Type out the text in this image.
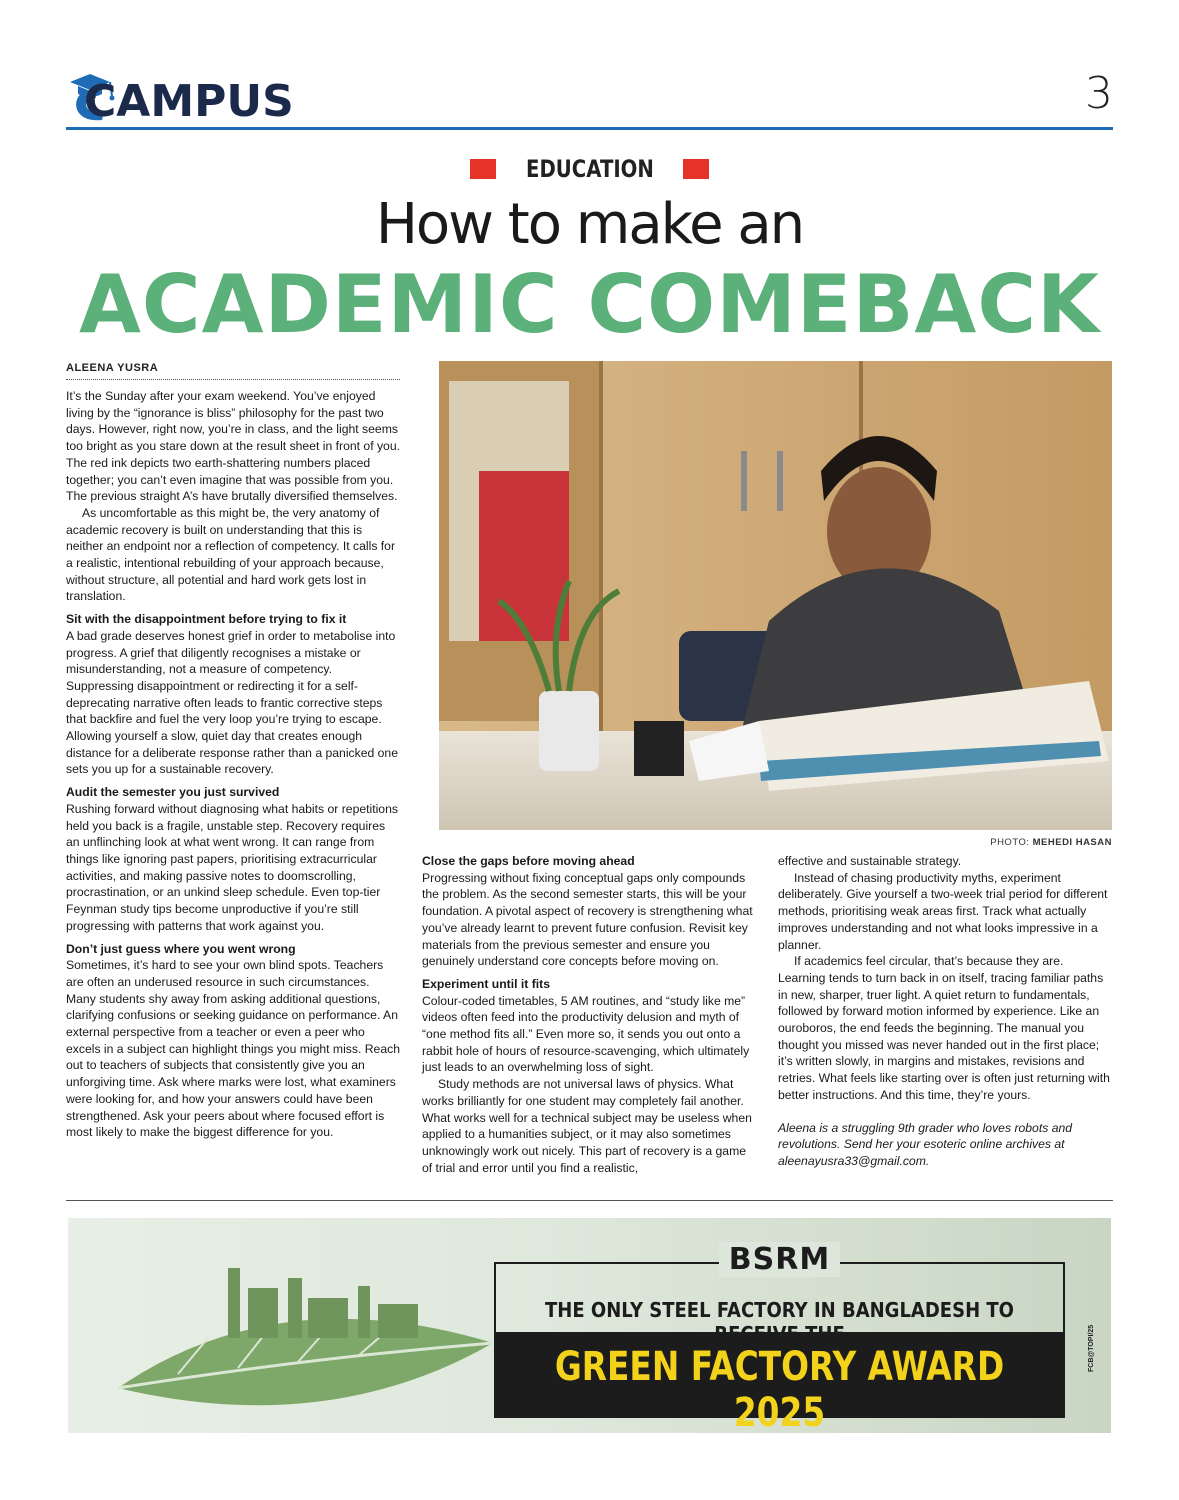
CAMPUS	3
EDUCATION
How to make an
ACADEMIC COMEBACK
ALEENA YUSRA

It’s the Sunday after your exam weekend. You’ve enjoyed living by the “ignorance is bliss” philosophy for the past two days. However, right now, you’re in class, and the light seems too bright as you stare down at the result sheet in front of you. The red ink depicts two earth-shattering numbers placed together; you can’t even imagine that was possible from you. The previous straight A’s have brutally diversified themselves.

As uncomfortable as this might be, the very anatomy of academic recovery is built on understanding that this is neither an endpoint nor a reflection of competency. It calls for a realistic, intentional rebuilding of your approach because, without structure, all potential and hard work gets lost in translation.

Sit with the disappointment before trying to fix it

A bad grade deserves honest grief in order to metabolise into progress. A grief that diligently recognises a mistake or misunderstanding, not a measure of competency. Suppressing disappointment or redirecting it for a self-deprecating narrative often leads to frantic corrective steps that backfire and fuel the very loop you’re trying to escape. Allowing yourself a slow, quiet day that creates enough distance for a deliberate response rather than a panicked one sets you up for a sustainable recovery.

Audit the semester you just survived

Rushing forward without diagnosing what habits or repetitions held you back is a fragile, unstable step. Recovery requires an unflinching look at what went wrong. It can range from things like ignoring past papers, prioritising extracurricular activities, and making passive notes to doomscrolling, procrastination, or an unkind sleep schedule. Even top-tier Feynman study tips become unproductive if you’re still progressing with patterns that work against you.

Don’t just guess where you went wrong

Sometimes, it’s hard to see your own blind spots. Teachers are often an underused resource in such circumstances. Many students shy away from asking additional questions, clarifying confusions or seeking guidance on performance. An external perspective from a teacher or even a peer who excels in a subject can highlight things you might miss. Reach out to teachers of subjects that consistently give you an unforgiving time. Ask where marks were lost, what examiners were looking for, and how your answers could have been strengthened. Ask your peers about where focused effort is most likely to make the biggest difference for you.

PHOTO: MEHEDI HASAN
Close the gaps before moving ahead

Progressing without fixing conceptual gaps only compounds the problem. As the second semester starts, this will be your foundation. A pivotal aspect of recovery is strengthening what you’ve already learnt to prevent future confusion. Revisit key materials from the previous semester and ensure you genuinely understand core concepts before moving on.

Experiment until it fits

Colour-coded timetables, 5 AM routines, and “study like me” videos often feed into the productivity delusion and myth of “one method fits all.” Even more so, it sends you out onto a rabbit hole of hours of resource-scavenging, which ultimately just leads to an overwhelming loss of sight.

Study methods are not universal laws of physics. What works brilliantly for one student may completely fail another. What works well for a technical subject may be useless when applied to a humanities subject, or it may also sometimes unknowingly work out nicely. This part of recovery is a game of trial and error until you find a realistic,

effective and sustainable strategy.

Instead of chasing productivity myths, experiment deliberately. Give yourself a two-week trial period for different methods, prioritising weak areas first. Track what actually improves understanding and not what looks impressive in a planner.

If academics feel circular, that’s because they are. Learning tends to turn back in on itself, tracing familiar paths in new, sharper, truer light. A quiet return to fundamentals, followed by forward motion informed by experience. Like an ouroboros, the end feeds the beginning. The manual you thought you missed was never handed out in the first place; it’s written slowly, in margins and mistakes, revisions and retries. What feels like starting over is often just returning with better instructions. And this time, they’re yours.

Aleena is a struggling 9th grader who loves robots and revolutions. Send her your esoteric online archives at aleenayusra33@gmail.com.

BSRM
THE ONLY STEEL FACTORY IN BANGLADESH TO
GREEN FACTORY AWARD 2025
FCB@TOPI/25
